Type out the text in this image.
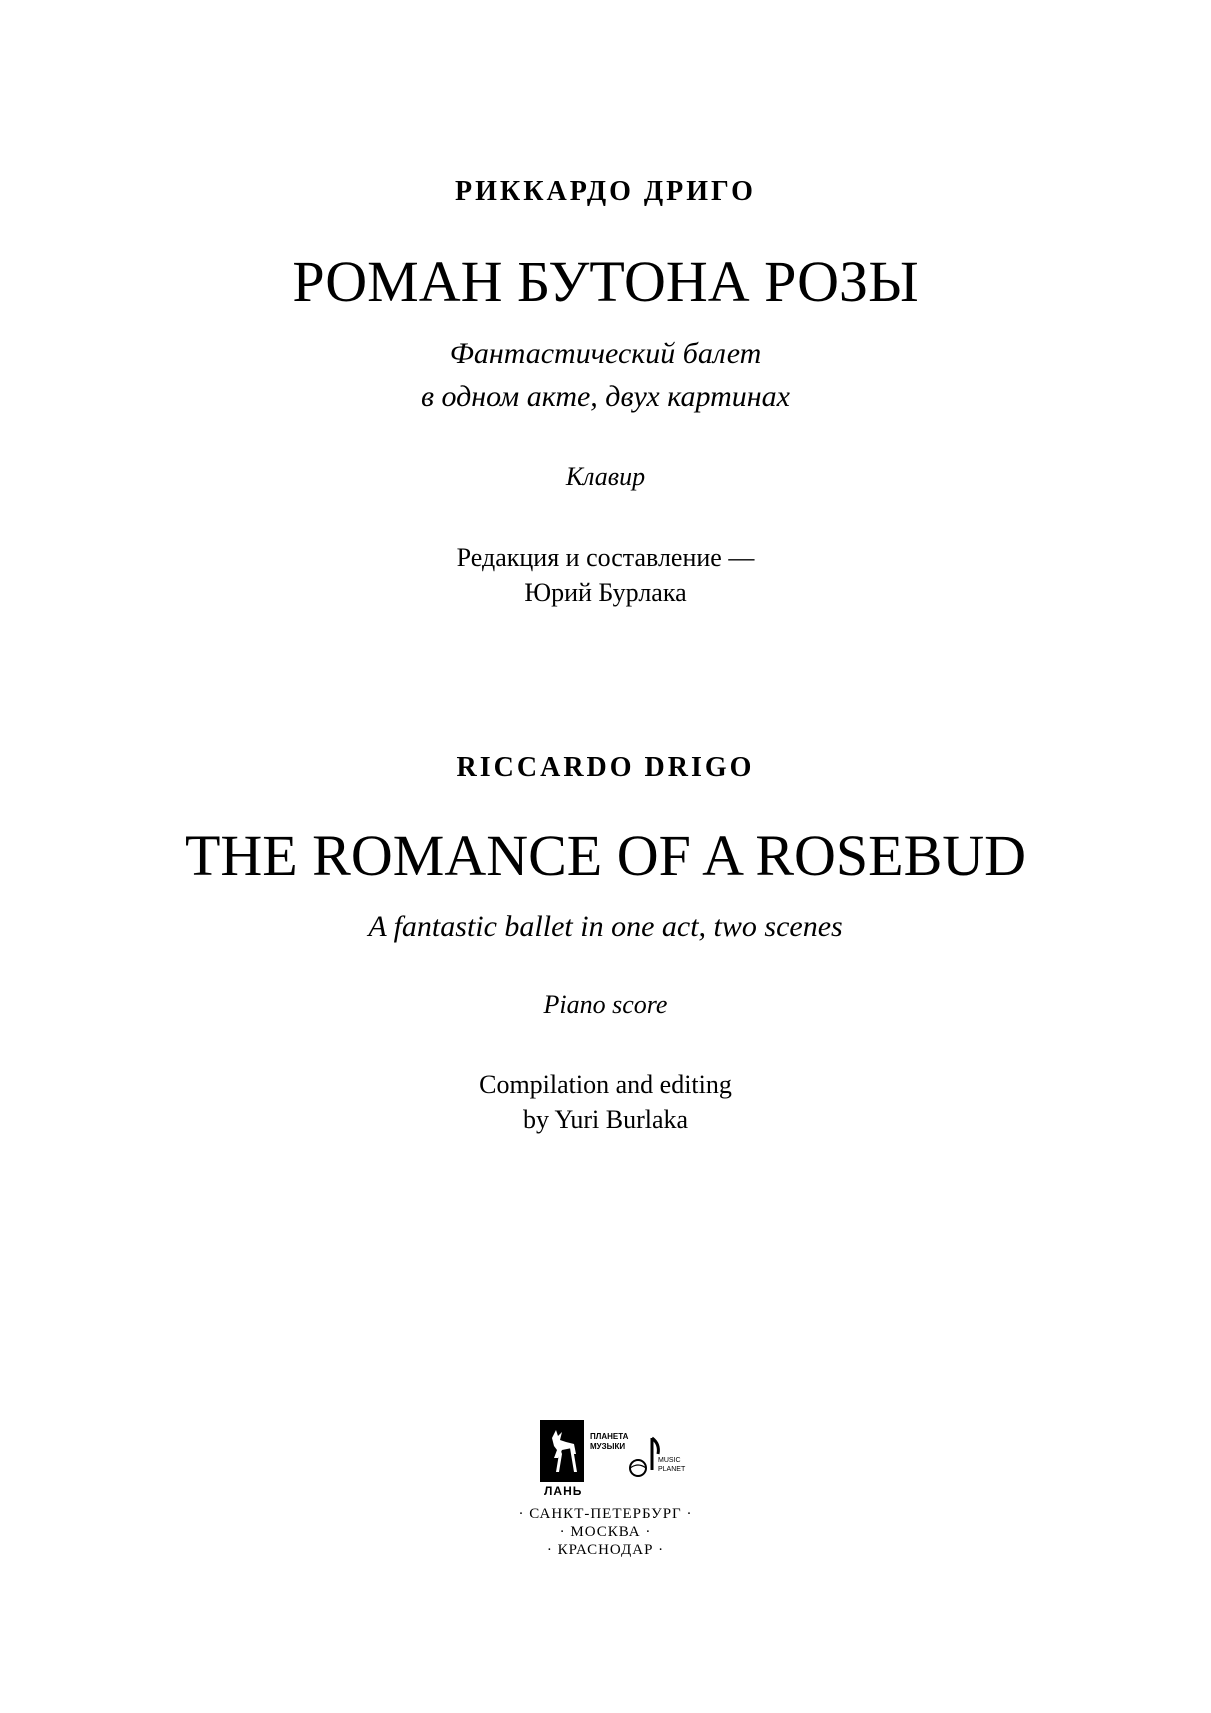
РИККАРДО ДРИГО
РОМАН БУТОНА РОЗЫ
Фантастический балет
в одном акте, двух картинах
Клавир
Редакция и составление —
Юрий Бурлака
RICCARDO DRIGO
THE ROMANCE OF A ROSEBUD
A fantastic ballet in one act, two scenes
Piano score
Compilation and editing
by Yuri Burlaka
ЛАНЬ
ПЛАНЕТА
МУЗЫКИ
MUSIC
PLANET
· САНКТ-ПЕТЕРБУРГ ·
· МОСКВА ·
· КРАСНОДАР ·
